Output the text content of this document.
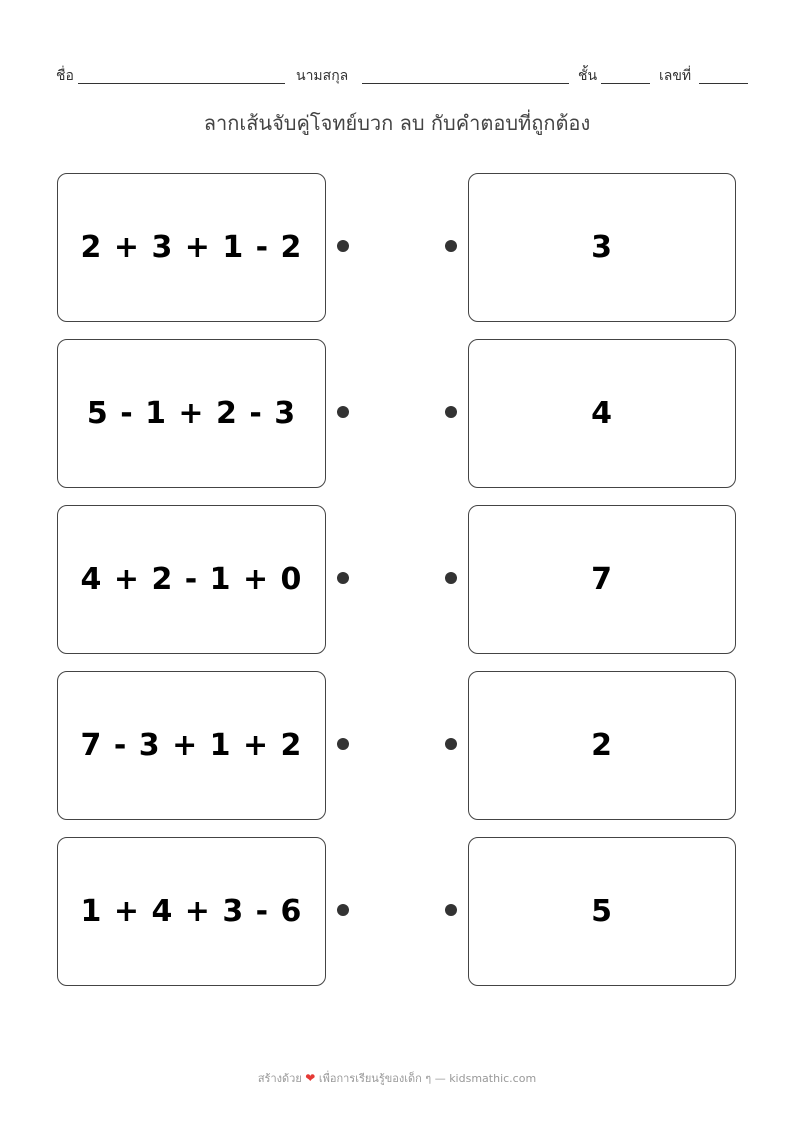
ชื่อ	นามสกุล	ชั้น	เลขที่
ลากเส้นจับคู่โจทย์บวก ลบ กับคำตอบที่ถูกต้อง
2 + 3 + 1 - 2	3
5 - 1 + 2 - 3	4
4 + 2 - 1 + 0	7
7 - 3 + 1 + 2	2
1 + 4 + 3 - 6	5
สร้างด้วย ❤ เพื่อการเรียนรู้ของเด็ก ๆ — kidsmathic.com
